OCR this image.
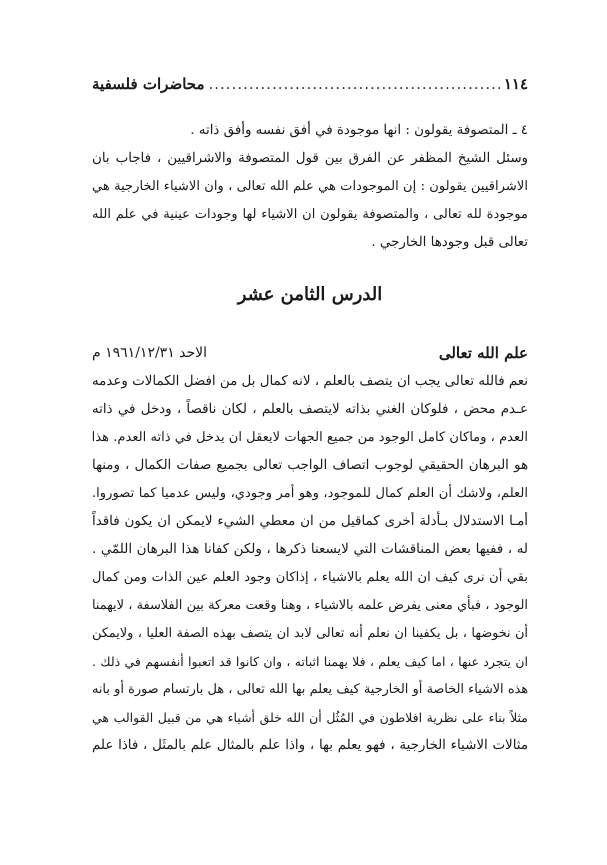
١١٤
.....
محاضرات فلسفية
٤ ـ المتصوفة يقولون : انها موجودة في أفق نفسه وأفق ذاته .
وسئل الشيخ المظفر عن الفرق بين قول المتصوفة والاشراقيين ، فاجاب بان
الاشراقيين يقولون : إن الموجودات هي علم الله تعالى ، وان الاشياء الخارجية هي
موجودة لله تعالى ، والمتصوفة يقولون ان الاشياء لها وجودات عينية في علم الله
تعالى قبل وجودها الخارجي .
الدرس الثامن عشر
علم الله تعالى
الاحد ١٩٦١/١٢/٣١ م
نعم فالله تعالى يجب ان يتصف بالعلم ، لانه كمال بل من افضل الكمالات وعدمه
عـدم محض ، فلوكان الغني بذاته لايتصف بالعلم ، لكان ناقصاً ، ودخل في ذاته
العدم ، وماكان كامل الوجود من جميع الجهات لايعقل ان يدخل في ذاته العدم. هذا
هو البرهان الحقيقي لوجوب اتصاف الواجب تعالى بجميع صفات الكمال ، ومنها
العلم، ولاشك أن العلم كمال للموجود، وهو أمر وجودي، وليس عدميا كما تصوروا.
أمـا الاستدلال بـأدلة أخرى كماقيل من ان معطي الشيء لايمكن ان يكون فاقداً
له ، ففيها بعض المناقشات التي لايسعنا ذكرها ، ولكن كفانا هذا البرهان اللمّي .
بقي أن نرى كيف ان الله يعلم بالاشياء ، إذاكان وجود العلم عين الذات ومن كمال
الوجود ، فبأي معنى يفرض علمه بالاشياء ، وهنا وقعت معركة بين الفلاسفة ، لايهمنا
أن نخوضها ، بل يكفينا ان نعلم أنه تعالى لابد ان يتصف بهذه الصفة العليا ، ولايمكن
ان يتجرد عنها ، اما كيف يعلم ، فلا يهمنا اثباته ، وان كانوا قد اتعبوا أنفسهم في ذلك .
هذه الاشياء الخاصة أو الخارجية كيف يعلم بها الله تعالى ، هل بارتسام صورة أو بانه
مثلاً بناء على نظرية افلاطون في المُثُل أن الله خلق أشياء هي من قبيل القوالب هي
مثالات الاشياء الخارجية ، فهو يعلم بها ، واذا علم بالمثال علم بالمثَل ، فاذا علم
